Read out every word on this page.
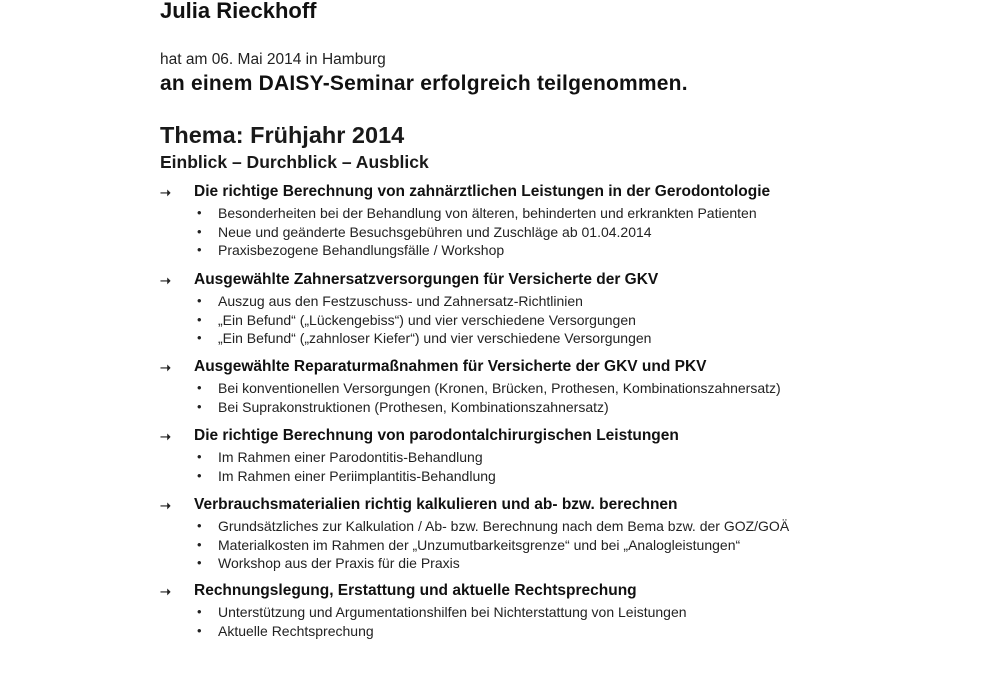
Julia Rieckhoff
hat am 06. Mai 2014 in Hamburg
an einem DAISY-Seminar erfolgreich teilgenommen.
Thema: Frühjahr 2014
Einblick – Durchblick – Ausblick
➝ Die richtige Berechnung von zahnärztlichen Leistungen in der Gerodontologie
• Besonderheiten bei der Behandlung von älteren, behinderten und erkrankten Patienten
• Neue und geänderte Besuchsgebühren und Zuschläge ab 01.04.2014
• Praxisbezogene Behandlungsfälle / Workshop
➝ Ausgewählte Zahnersatzversorgungen für Versicherte der GKV
• Auszug aus den Festzuschuss- und Zahnersatz-Richtlinien
• „Ein Befund“ („Lückengebiss“) und vier verschiedene Versorgungen
• „Ein Befund“ („zahnloser Kiefer“) und vier verschiedene Versorgungen
➝ Ausgewählte Reparaturmaßnahmen für Versicherte der GKV und PKV
• Bei konventionellen Versorgungen (Kronen, Brücken, Prothesen, Kombinationszahnersatz)
• Bei Suprakonstruktionen (Prothesen, Kombinationszahnersatz)
➝ Die richtige Berechnung von parodontalchirurgischen Leistungen
• Im Rahmen einer Parodontitis-Behandlung
• Im Rahmen einer Periimplantitis-Behandlung
➝ Verbrauchsmaterialien richtig kalkulieren und ab- bzw. berechnen
• Grundsätzliches zur Kalkulation / Ab- bzw. Berechnung nach dem Bema bzw. der GOZ/GOÄ
• Materialkosten im Rahmen der „Unzumutbarkeitsgrenze“ und bei „Analogleistungen“
• Workshop aus der Praxis für die Praxis
➝ Rechnungslegung, Erstattung und aktuelle Rechtsprechung
• Unterstützung und Argumentationshilfen bei Nichterstattung von Leistungen
• Aktuelle Rechtsprechung
